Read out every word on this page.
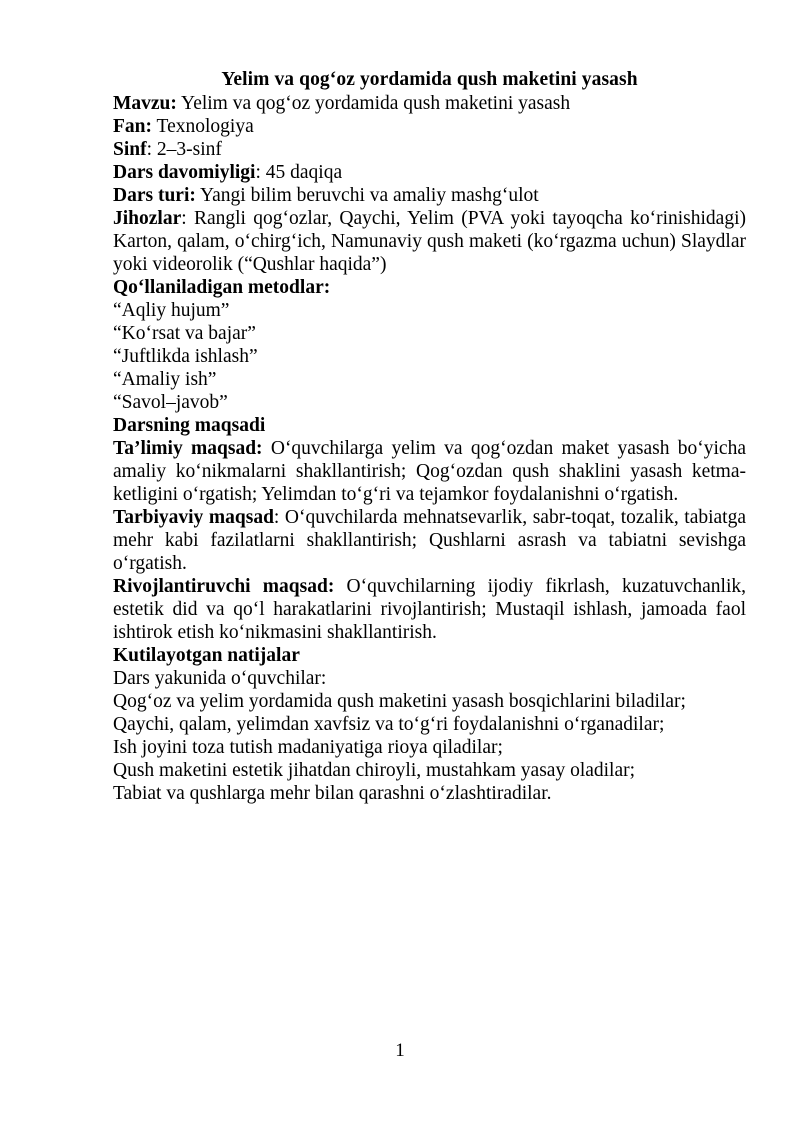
Yelim va qog‘oz yordamida qush maketini yasash

Mavzu: Yelim va qog‘oz yordamida qush maketini yasash

Fan: Texnologiya

Sinf: 2–3-sinf

Dars davomiyligi: 45 daqiqa

Dars turi: Yangi bilim beruvchi va amaliy mashg‘ulot

Jihozlar: Rangli qog‘ozlar, Qaychi, Yelim (PVA yoki tayoqcha ko‘rinishidagi) Karton, qalam, o‘chirg‘ich, Namunaviy qush maketi (ko‘rgazma uchun) Slaydlar yoki videorolik (“Qushlar haqida”)

Qo‘llaniladigan metodlar:

“Aqliy hujum”

“Ko‘rsat va bajar”

“Juftlikda ishlash”

“Amaliy ish”

“Savol–javob”

Darsning maqsadi

Ta’limiy maqsad: O‘quvchilarga yelim va qog‘ozdan maket yasash bo‘yicha amaliy ko‘nikmalarni shakllantirish; Qog‘ozdan qush shaklini yasash ketma-ketligini o‘rgatish; Yelimdan to‘g‘ri va tejamkor foydalanishni o‘rgatish.

Tarbiyaviy maqsad: O‘quvchilarda mehnatsevarlik, sabr-toqat, tozalik, tabiatga mehr kabi fazilatlarni shakllantirish; Qushlarni asrash va tabiatni sevishga o‘rgatish.

Rivojlantiruvchi maqsad: O‘quvchilarning ijodiy fikrlash, kuzatuvchanlik, estetik did va qo‘l harakatlarini rivojlantirish; Mustaqil ishlash, jamoada faol ishtirok etish ko‘nikmasini shakllantirish.

Kutilayotgan natijalar

Dars yakunida o‘quvchilar:

Qog‘oz va yelim yordamida qush maketini yasash bosqichlarini biladilar;

Qaychi, qalam, yelimdan xavfsiz va to‘g‘ri foydalanishni o‘rganadilar;

Ish joyini toza tutish madaniyatiga rioya qiladilar;

Qush maketini estetik jihatdan chiroyli, mustahkam yasay oladilar;

Tabiat va qushlarga mehr bilan qarashni o‘zlashtiradilar.

1
